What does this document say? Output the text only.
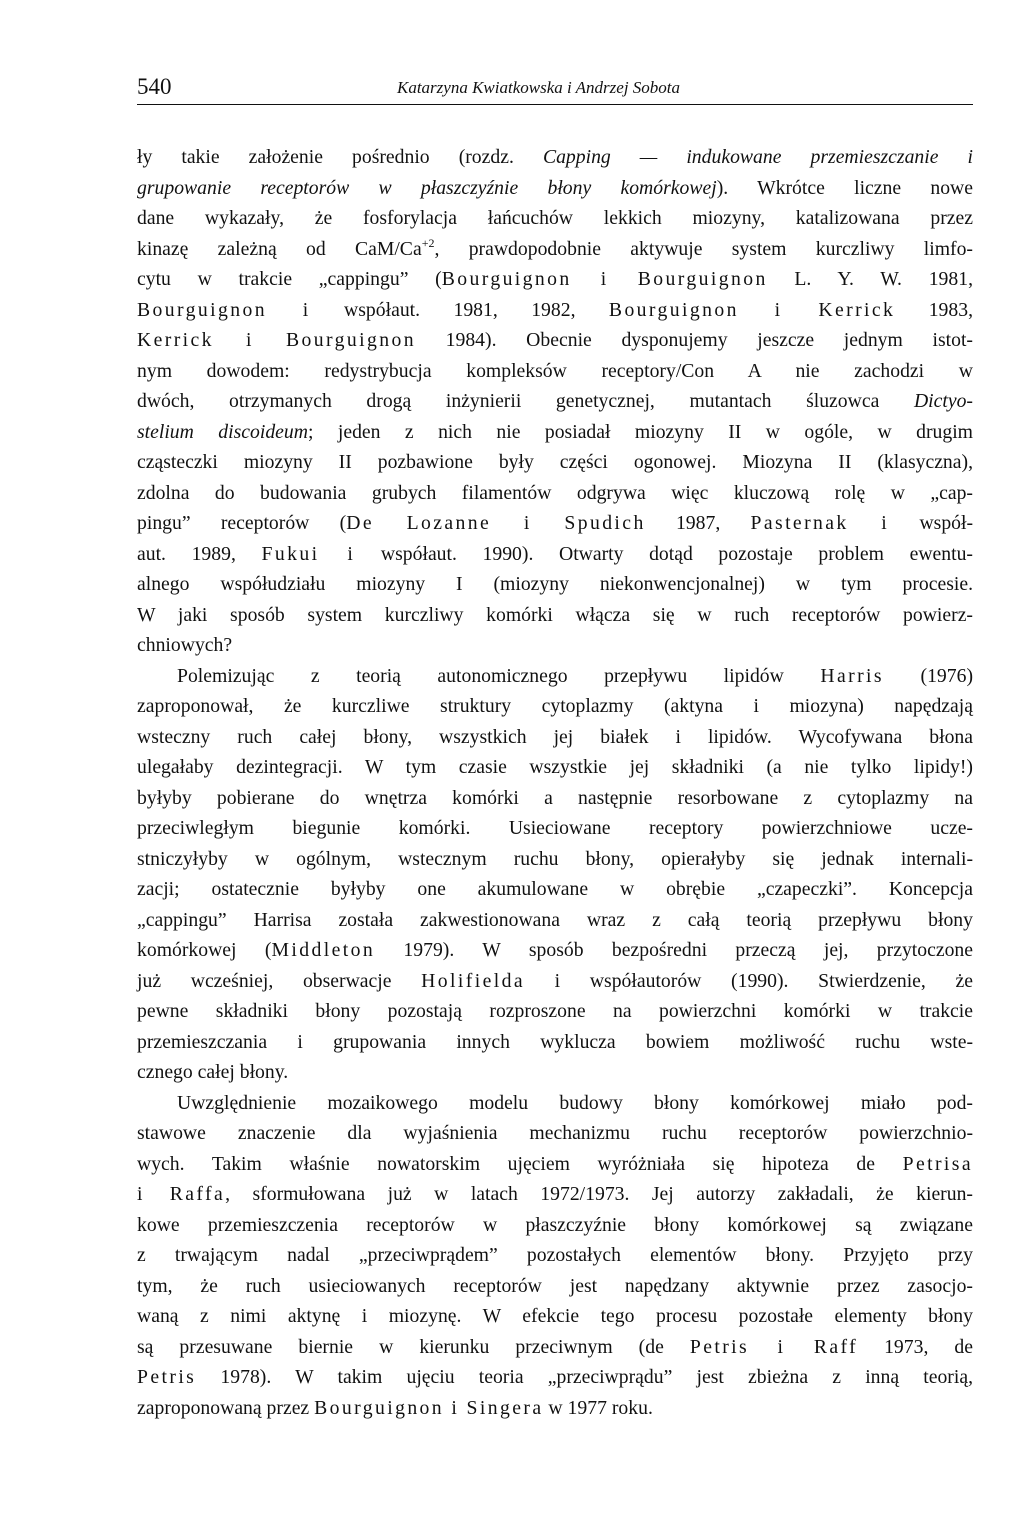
540	Katarzyna Kwiatkowska i Andrzej Sobota
ły takie założenie pośrednio (rozdz. Capping — indukowane przemieszczanie i
grupowanie receptorów w płaszczyźnie błony komórkowej). Wkrótce liczne nowe
dane wykazały, że fosforylacja łańcuchów lekkich miozyny, katalizowana przez
kinazę zależną od CaM/$Ca^{+2}$, prawdopodobnie aktywuje system kurczliwy limfo-
cytu w trakcie „cappingu” (Bourguignon i Bourguignon L. Y. W. 1981,
Bourguignon i współaut. 1981, 1982, Bourguignon i Kerrick 1983,
Kerrick i Bourguignon 1984). Obecnie dysponujemy jeszcze jednym istot-
nym dowodem: redystrybucja kompleksów receptory/Con A nie zachodzi w
dwóch, otrzymanych drogą inżynierii genetycznej, mutantach śluzowca Dictyo-
stelium discoideum; jeden z nich nie posiadał miozyny II w ogóle, w drugim
cząsteczki miozyny II pozbawione były części ogonowej. Miozyna II (klasyczna),
zdolna do budowania grubych filamentów odgrywa więc kluczową rolę w „cap-
pingu” receptorów (De Lozanne i Spudich 1987, Pasternak i współ-
aut. 1989, Fukui i współaut. 1990). Otwarty dotąd pozostaje problem ewentu-
alnego współudziału miozyny I (miozyny niekonwencjonalnej) w tym procesie.
W jaki sposób system kurczliwy komórki włącza się w ruch receptorów powierz-
chniowych?
Polemizując z teorią autonomicznego przepływu lipidów Harris (1976)
zaproponował, że kurczliwe struktury cytoplazmy (aktyna i miozyna) napędzają
wsteczny ruch całej błony, wszystkich jej białek i lipidów. Wycofywana błona
ulegałaby dezintegracji. W tym czasie wszystkie jej składniki (a nie tylko lipidy!)
byłyby pobierane do wnętrza komórki a następnie resorbowane z cytoplazmy na
przeciwległym biegunie komórki. Usieciowane receptory powierzchniowe ucze-
stniczyłyby w ogólnym, wstecznym ruchu błony, opierałyby się jednak internali-
zacji; ostatecznie byłyby one akumulowane w obrębie „czapeczki”. Koncepcja
„cappingu” Harrisa została zakwestionowana wraz z całą teorią przepływu błony
komórkowej (Middleton 1979). W sposób bezpośredni przeczą jej, przytoczone
już wcześniej, obserwacje Holifielda i współautorów (1990). Stwierdzenie, że
pewne składniki błony pozostają rozproszone na powierzchni komórki w trakcie
przemieszczania i grupowania innych wyklucza bowiem możliwość ruchu wste-
cznego całej błony.
Uwzględnienie mozaikowego modelu budowy błony komórkowej miało pod-
stawowe znaczenie dla wyjaśnienia mechanizmu ruchu receptorów powierzchnio-
wych. Takim właśnie nowatorskim ujęciem wyróżniała się hipoteza de Petrisa
i Raffa, sformułowana już w latach 1972/1973. Jej autorzy zakładali, że kierun-
kowe przemieszczenia receptorów w płaszczyźnie błony komórkowej są związane
z trwającym nadal „przeciwprądem” pozostałych elementów błony. Przyjęto przy
tym, że ruch usieciowanych receptorów jest napędzany aktywnie przez zasocjo-
waną z nimi aktynę i miozynę. W efekcie tego procesu pozostałe elementy błony
są przesuwane biernie w kierunku przeciwnym (de Petris i Raff 1973, de
Petris 1978). W takim ujęciu teoria „przeciwprądu” jest zbieżna z inną teorią,
zaproponowaną przez Bourguignon i Singera w 1977 roku.
